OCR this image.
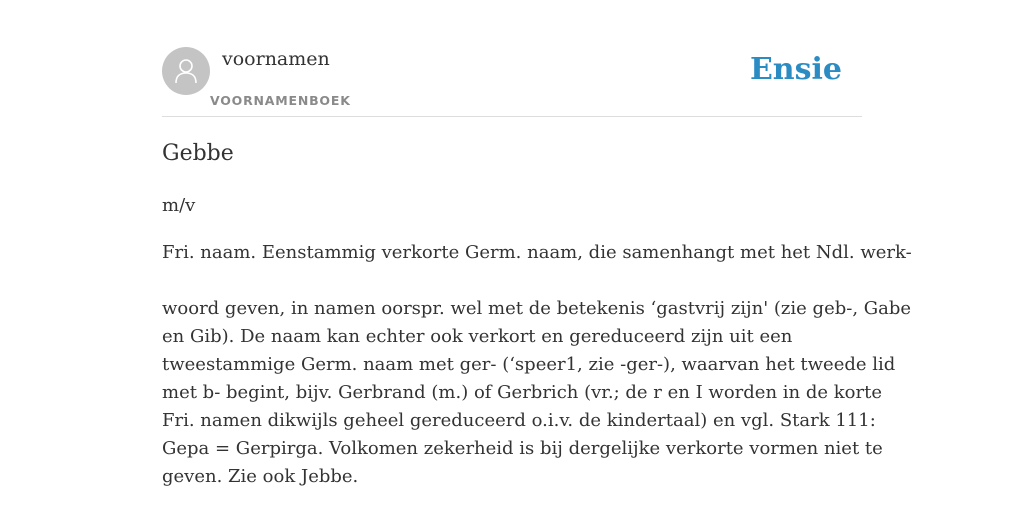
voornamen
VOORNAMENBOEK
Ensie
Gebbe
m/v

Fri. naam. Eenstammig verkorte Germ. naam, die samenhangt met het Ndl. werk-

woord geven, in namen oorspr. wel met de betekenis ‘gastvrij zijn' (zie geb-, Gabe

en Gib). De naam kan echter ook verkort en gereduceerd zijn uit een

tweestammige Germ. naam met ger- (‘speer1, zie -ger-), waarvan het tweede lid

met b- begint, bijv. Gerbrand (m.) of Gerbrich (vr.; de r en I worden in de korte

Fri. namen dikwijls geheel gereduceerd o.i.v. de kindertaal) en vgl. Stark 111:

Gepa = Gerpirga. Volkomen zekerheid is bij dergelijke verkorte vormen niet te

geven. Zie ook Jebbe.
